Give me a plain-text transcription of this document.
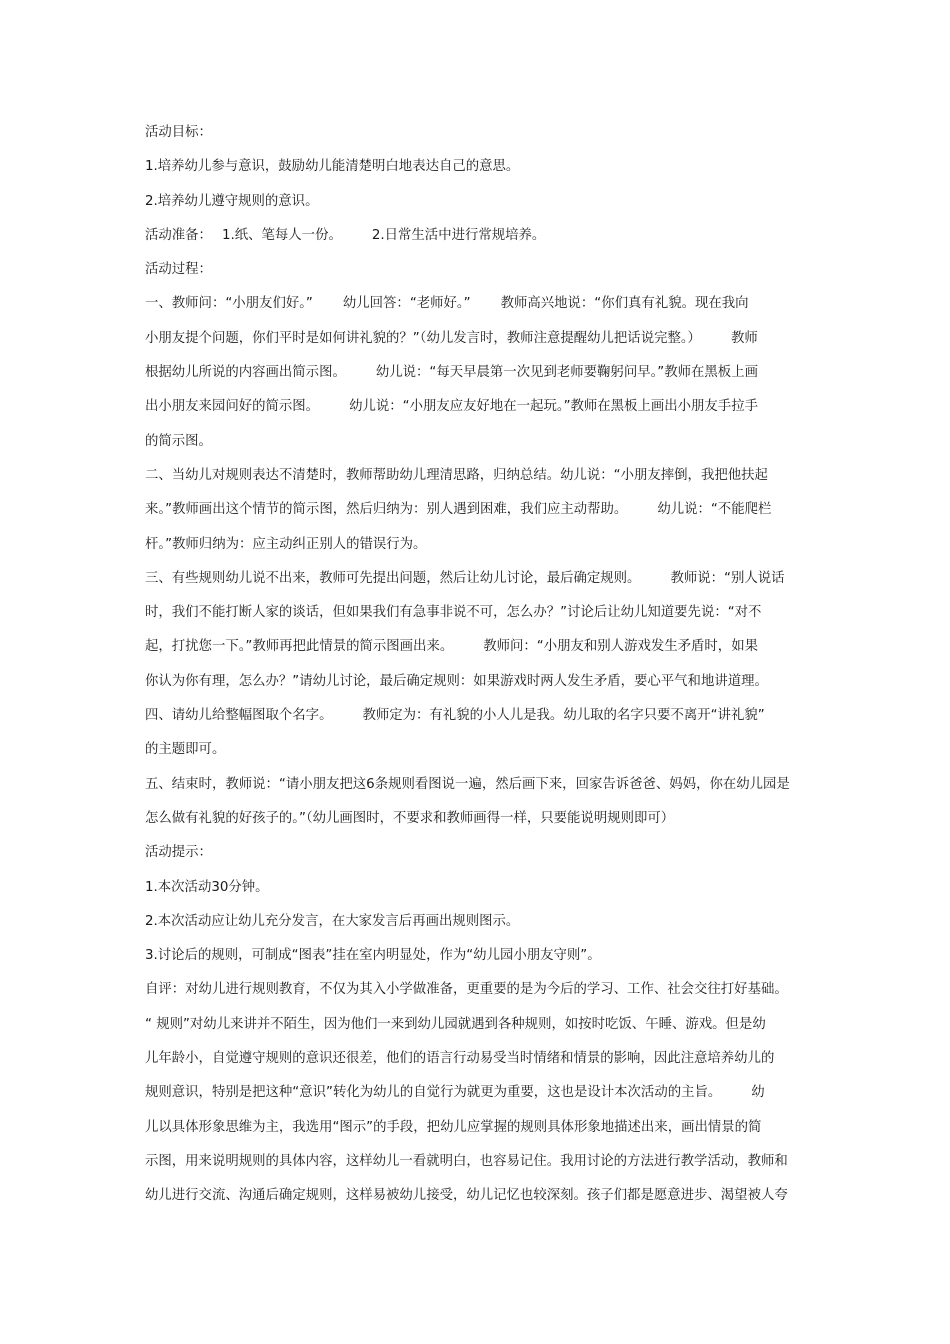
活动目标：
1.培养幼儿参与意识，鼓励幼儿能清楚明白地表达自己的意思。
2.培养幼儿遵守规则的意识。
活动准备： 1.纸、笔每人一份。 2.日常生活中进行常规培养。
活动过程：
一、教师问：“小朋友们好。” 幼儿回答：“老师好。” 教师高兴地说：“你们真有礼貌。现在我向
小朋友提个问题，你们平时是如何讲礼貌的？”（幼儿发言时，教师注意提醒幼儿把话说完整。） 教师
根据幼儿所说的内容画出简示图。 幼儿说：“每天早晨第一次见到老师要鞠躬问早。”教师在黑板上画
出小朋友来园问好的简示图。 幼儿说：“小朋友应友好地在一起玩。”教师在黑板上画出小朋友手拉手
的简示图。
二、当幼儿对规则表达不清楚时，教师帮助幼儿理清思路，归纳总结。幼儿说：“小朋友摔倒，我把他扶起
来。”教师画出这个情节的简示图，然后归纳为：别人遇到困难，我们应主动帮助。 幼儿说：“不能爬栏
杆。”教师归纳为：应主动纠正别人的错误行为。
三、有些规则幼儿说不出来，教师可先提出问题，然后让幼儿讨论，最后确定规则。 教师说：“别人说话
时，我们不能打断人家的谈话，但如果我们有急事非说不可，怎么办？”讨论后让幼儿知道要先说：“对不
起，打扰您一下。”教师再把此情景的简示图画出来。 教师问：“小朋友和别人游戏发生矛盾时，如果
你认为你有理，怎么办？”请幼儿讨论，最后确定规则：如果游戏时两人发生矛盾，要心平气和地讲道理。
四、请幼儿给整幅图取个名字。 教师定为：有礼貌的小人儿是我。幼儿取的名字只要不离开“讲礼貌”
的主题即可。
五、结束时，教师说：“请小朋友把这6条规则看图说一遍，然后画下来，回家告诉爸爸、妈妈，你在幼儿园是
怎么做有礼貌的好孩子的。”（幼儿画图时，不要求和教师画得一样，只要能说明规则即可）
活动提示：
1.本次活动30分钟。
2.本次活动应让幼儿充分发言，在大家发言后再画出规则图示。
3.讨论后的规则，可制成“图表”挂在室内明显处，作为“幼儿园小朋友守则”。
自评：对幼儿进行规则教育，不仅为其入小学做准备，更重要的是为今后的学习、工作、社会交往打好基础。
“ 规则”对幼儿来讲并不陌生，因为他们一来到幼儿园就遇到各种规则，如按时吃饭、午睡、游戏。但是幼
儿年龄小，自觉遵守规则的意识还很差，他们的语言行动易受当时情绪和情景的影响，因此注意培养幼儿的
规则意识，特别是把这种“意识”转化为幼儿的自觉行为就更为重要，这也是设计本次活动的主旨。 幼
儿以具体形象思维为主，我选用“图示”的手段，把幼儿应掌握的规则具体形象地描述出来，画出情景的简
示图，用来说明规则的具体内容，这样幼儿一看就明白，也容易记住。我用讨论的方法进行教学活动，教师和
幼儿进行交流、沟通后确定规则，这样易被幼儿接受，幼儿记忆也较深刻。孩子们都是愿意进步、渴望被人夸
